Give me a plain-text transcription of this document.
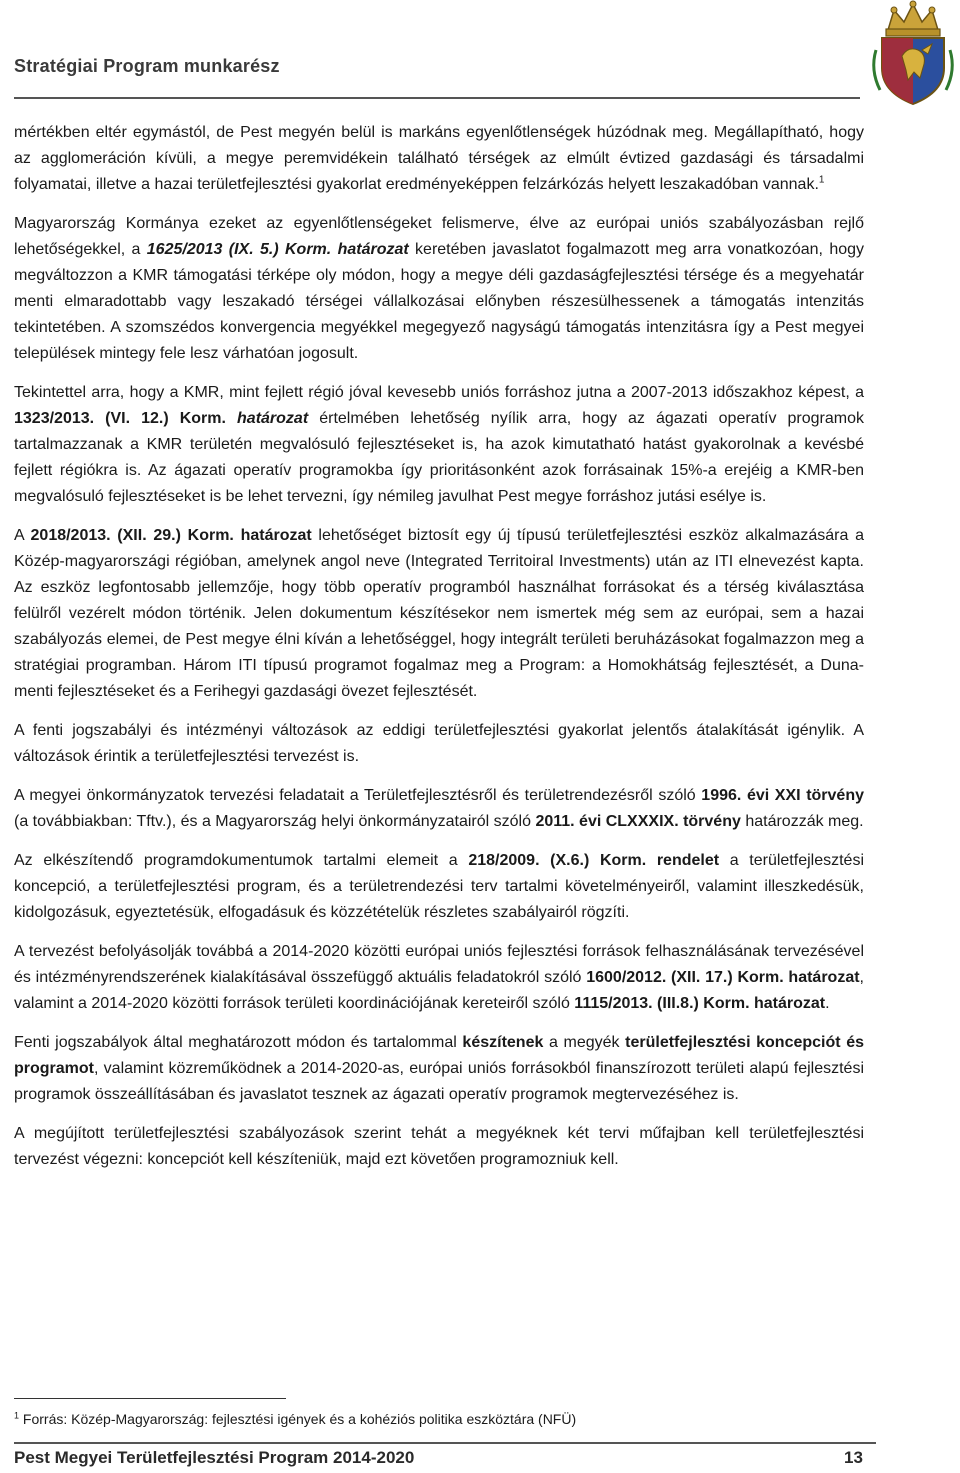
Stratégiai Program munkarész

mértékben eltér egymástól, de Pest megyén belül is markáns egyenlőtlenségek húzódnak meg. Megállapítható, hogy az agglomeráción kívüli, a megye peremvidékein található térségek az elmúlt évtized gazdasági és társadalmi folyamatai, illetve a hazai területfejlesztési gyakorlat eredményeképpen felzárkózás helyett leszakadóban vannak.$^1$

Magyarország Kormánya ezeket az egyenlőtlenségeket felismerve, élve az európai uniós szabályozásban rejlő lehetőségekkel, a 1625/2013 (IX. 5.) Korm. határozat keretében javaslatot fogalmazott meg arra vonatkozóan, hogy megváltozzon a KMR támogatási térképe oly módon, hogy a megye déli gazdaságfejlesztési térsége és a megyehatár menti elmaradottabb vagy leszakadó térségei vállalkozásai előnyben részesülhessenek a támogatás intenzitás tekintetében. A szomszédos konvergencia megyékkel megegyező nagyságú támogatás intenzitásra így a Pest megyei települések mintegy fele lesz várhatóan jogosult.

Tekintettel arra, hogy a KMR, mint fejlett régió jóval kevesebb uniós forráshoz jutna a 2007-2013 időszakhoz képest, a 1323/2013. (VI. 12.) Korm. határozat értelmében lehetőség nyílik arra, hogy az ágazati operatív programok tartalmazzanak a KMR területén megvalósuló fejlesztéseket is, ha azok kimutatható hatást gyakorolnak a kevésbé fejlett régiókra is. Az ágazati operatív programokba így prioritásonként azok forrásainak 15%-a erejéig a KMR-ben megvalósuló fejlesztéseket is be lehet tervezni, így némileg javulhat Pest megye forráshoz jutási esélye is.

A 2018/2013. (XII. 29.) Korm. határozat lehetőséget biztosít egy új típusú területfejlesztési eszköz alkalmazására a Közép-magyarországi régióban, amelynek angol neve (Integrated Territoiral Investments) után az ITI elnevezést kapta. Az eszköz legfontosabb jellemzője, hogy több operatív programból használhat forrásokat és a térség kiválasztása felülről vezérelt módon történik. Jelen dokumentum készítésekor nem ismertek még sem az európai, sem a hazai szabályozás elemei, de Pest megye élni kíván a lehetőséggel, hogy integrált területi beruházásokat fogalmazzon meg a stratégiai programban. Három ITI típusú programot fogalmaz meg a Program: a Homokhátság fejlesztését, a Duna-menti fejlesztéseket és a Ferihegyi gazdasági övezet fejlesztését.

A fenti jogszabályi és intézményi változások az eddigi területfejlesztési gyakorlat jelentős átalakítását igénylik. A változások érintik a területfejlesztési tervezést is.

A megyei önkormányzatok tervezési feladatait a Területfejlesztésről és területrendezésről szóló 1996. évi XXI törvény (a továbbiakban: Tftv.), és a Magyarország helyi önkormányzatairól szóló 2011. évi CLXXXIX. törvény határozzák meg.

Az elkészítendő programdokumentumok tartalmi elemeit a 218/2009. (X.6.) Korm. rendelet a területfejlesztési koncepció, a területfejlesztési program, és a területrendezési terv tartalmi követelményeiről, valamint illeszkedésük, kidolgozásuk, egyeztetésük, elfogadásuk és közzétételük részletes szabályairól rögzíti.

A tervezést befolyásolják továbbá a 2014-2020 közötti európai uniós fejlesztési források felhasználásának tervezésével és intézményrendszerének kialakításával összefüggő aktuális feladatokról szóló 1600/2012. (XII. 17.) Korm. határozat, valamint a 2014-2020 közötti források területi koordinációjának kereteiről szóló 1115/2013. (III.8.) Korm. határozat.

Fenti jogszabályok által meghatározott módon és tartalommal készítenek a megyék területfejlesztési koncepciót és programot, valamint közreműködnek a 2014-2020-as, európai uniós forrásokból finanszírozott területi alapú fejlesztési programok összeállításában és javaslatot tesznek az ágazati operatív programok megtervezéséhez is.

A megújított területfejlesztési szabályozások szerint tehát a megyéknek két tervi műfajban kell területfejlesztési tervezést végezni: koncepciót kell készíteniük, majd ezt követően programozniuk kell.

$^1$ Forrás: Közép-Magyarország: fejlesztési igények és a kohéziós politika eszköztára (NFÜ)
Pest Megyei Területfejlesztési Program 2014-2020	13
